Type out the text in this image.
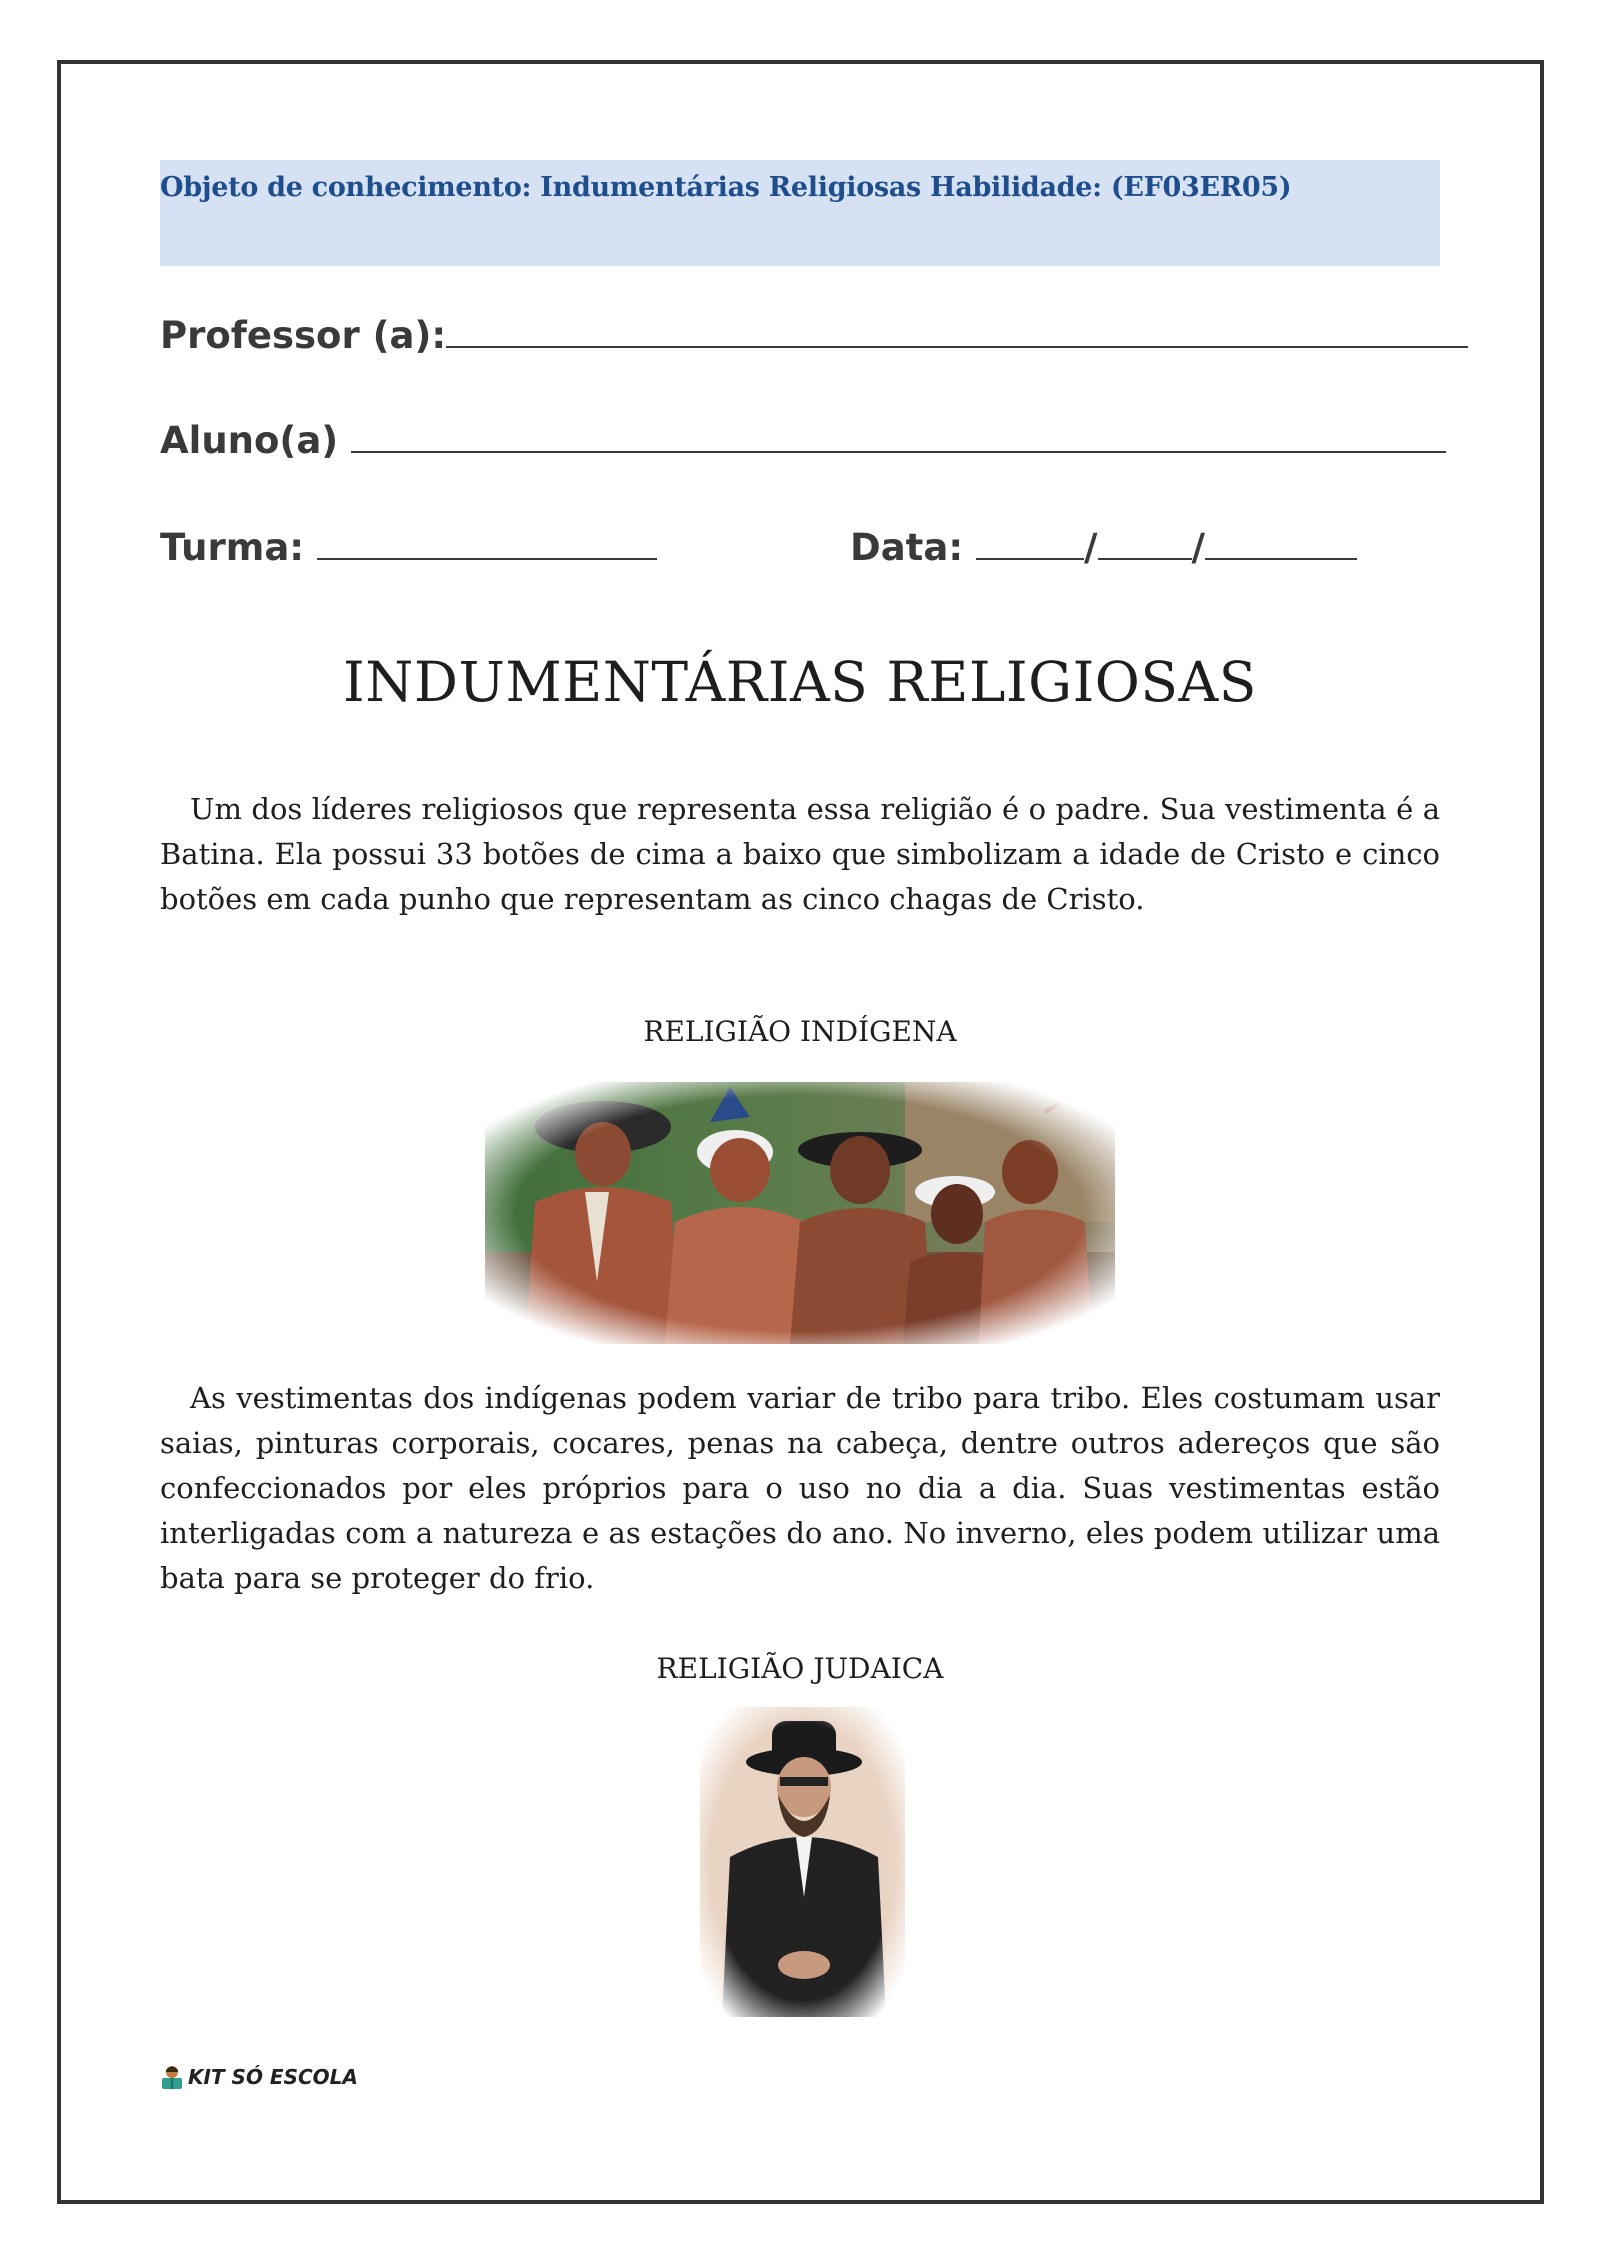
Objeto de conhecimento: Indumentárias Religiosas Habilidade: (EF03ER05)
Professor (a):
Aluno(a)
Turma:	Data:	/	/
INDUMENTÁRIAS RELIGIOSAS

Um dos líderes religiosos que representa essa religião é o padre. Sua vestimenta é a Batina. Ela possui 33 botões de cima a baixo que simbolizam a idade de Cristo e cinco botões em cada punho que representam as cinco chagas de Cristo.

RELIGIÃO INDÍGENA

As vestimentas dos indígenas podem variar de tribo para tribo. Eles costumam usar saias, pinturas corporais, cocares, penas na cabeça, dentre outros adereços que são confeccionados por eles próprios para o uso no dia a dia. Suas vestimentas estão interligadas com a natureza e as estações do ano. No inverno, eles podem utilizar uma bata para se proteger do frio.

RELIGIÃO JUDAICA
KIT SÓ ESCOLA
